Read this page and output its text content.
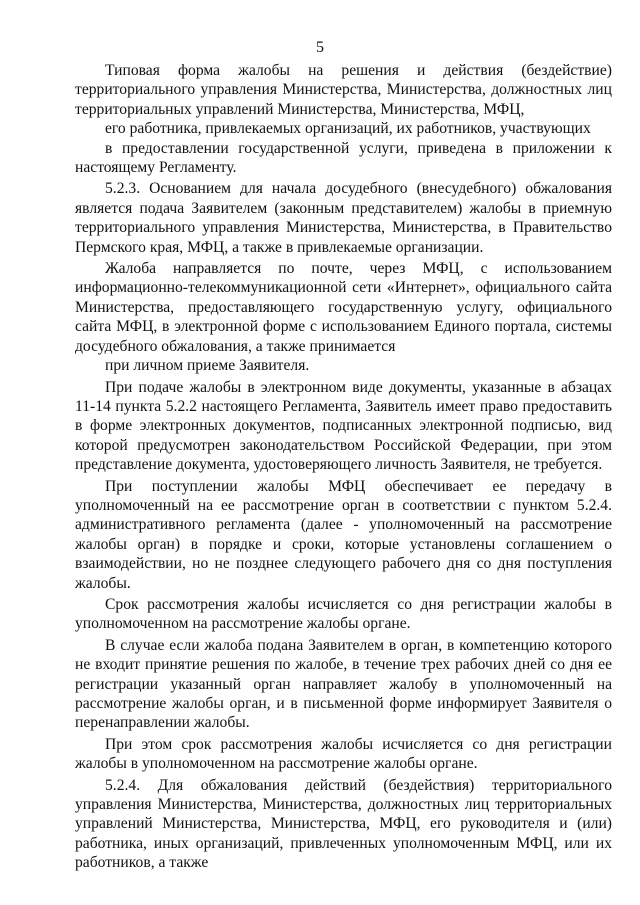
5

Типовая форма жалобы на решения и действия (бездействие) территориального управления Министерства, Министерства, должностных лиц территориальных управлений Министерства, Министерства, МФЦ,

его работника, привлекаемых организаций, их работников, участвующих

в предоставлении государственной услуги, приведена в приложении к настоящему Регламенту.

5.2.3. Основанием для начала досудебного (внесудебного) обжалования является подача Заявителем (законным представителем) жалобы в приемную территориального управления Министерства, Министерства, в Правительство Пермского края, МФЦ, а также в привлекаемые организации.

Жалоба направляется по почте, через МФЦ, с использованием информационно-телекоммуникационной сети «Интернет», официального сайта Министерства, предоставляющего государственную услугу, официального сайта МФЦ, в электронной форме с использованием Единого портала, системы досудебного обжалования, а также принимается

при личном приеме Заявителя.

При подаче жалобы в электронном виде документы, указанные в абзацах 11-14 пункта 5.2.2 настоящего Регламента, Заявитель имеет право предоставить в форме электронных документов, подписанных электронной подписью, вид которой предусмотрен законодательством Российской Федерации, при этом представление документа, удостоверяющего личность Заявителя, не требуется.

При поступлении жалобы МФЦ обеспечивает ее передачу в уполномоченный на ее рассмотрение орган в соответствии с пунктом 5.2.4. административного регламента (далее - уполномоченный на рассмотрение жалобы орган) в порядке и сроки, которые установлены соглашением о взаимодействии, но не позднее следующего рабочего дня со дня поступления жалобы.

Срок рассмотрения жалобы исчисляется со дня регистрации жалобы в уполномоченном на рассмотрение жалобы органе.

В случае если жалоба подана Заявителем в орган, в компетенцию которого не входит принятие решения по жалобе, в течение трех рабочих дней со дня ее регистрации указанный орган направляет жалобу в уполномоченный на рассмотрение жалобы орган, и в письменной форме информирует Заявителя о перенаправлении жалобы.

При этом срок рассмотрения жалобы исчисляется со дня регистрации жалобы в уполномоченном на рассмотрение жалобы органе.

5.2.4. Для обжалования действий (бездействия) территориального управления Министерства, Министерства, должностных лиц территориальных управлений Министерства, Министерства, МФЦ, его руководителя и (или) работника, иных организаций, привлеченных уполномоченным МФЦ, или их работников, а также
